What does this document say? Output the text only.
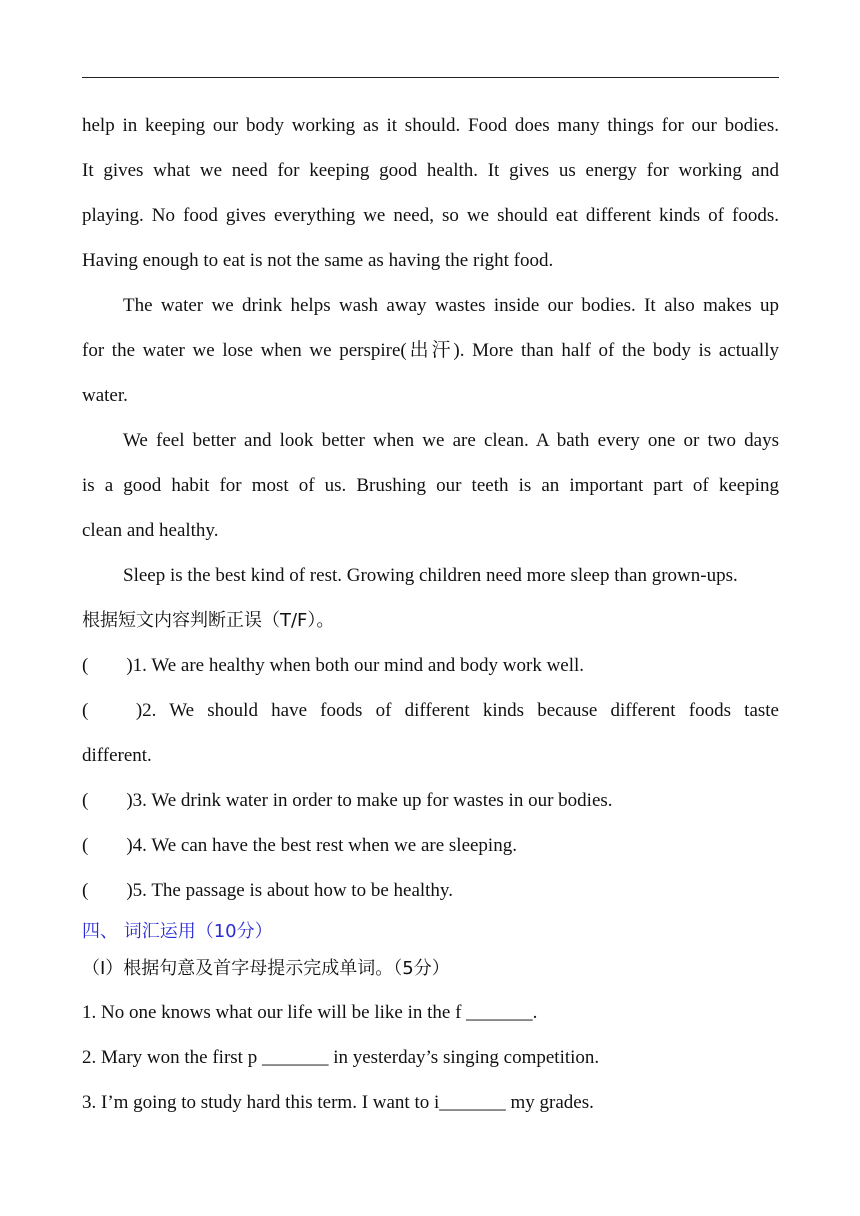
help in keeping our body working as it should. Food does many things for our bodies.
It gives what we need for keeping good health. It gives us energy for working and
playing. No food gives everything we need, so we should eat different kinds of foods.
Having enough to eat is not the same as having the right food.
The water we drink helps wash away wastes inside our bodies. It also makes up
for the water we lose when we perspire(出汗). More than half of the body is actually
water.
We feel better and look better when we are clean. A bath every one or two days
is a good habit for most of us. Brushing our teeth is an important part of keeping
clean and healthy.
Sleep is the best kind of rest. Growing children need more sleep than grown-ups.
根据短文内容判断正误（T/F）。
(        )1. We are healthy when both our mind and body work well.
(          )2. We should have foods of different kinds because different foods taste
different.
(        )3. We drink water in order to make up for wastes in our bodies.
(        )4. We can have the best rest when we are sleeping.
(        )5. The passage is about how to be healthy.
四、 词汇运用（10分）
（Ⅰ）根据句意及首字母提示完成单词。（5分）
1. No one knows what our life will be like in the f _______.
2. Mary won the first p _______ in yesterday’s singing competition.
3. I’m going to study hard this term. I want to i_______ my grades.
